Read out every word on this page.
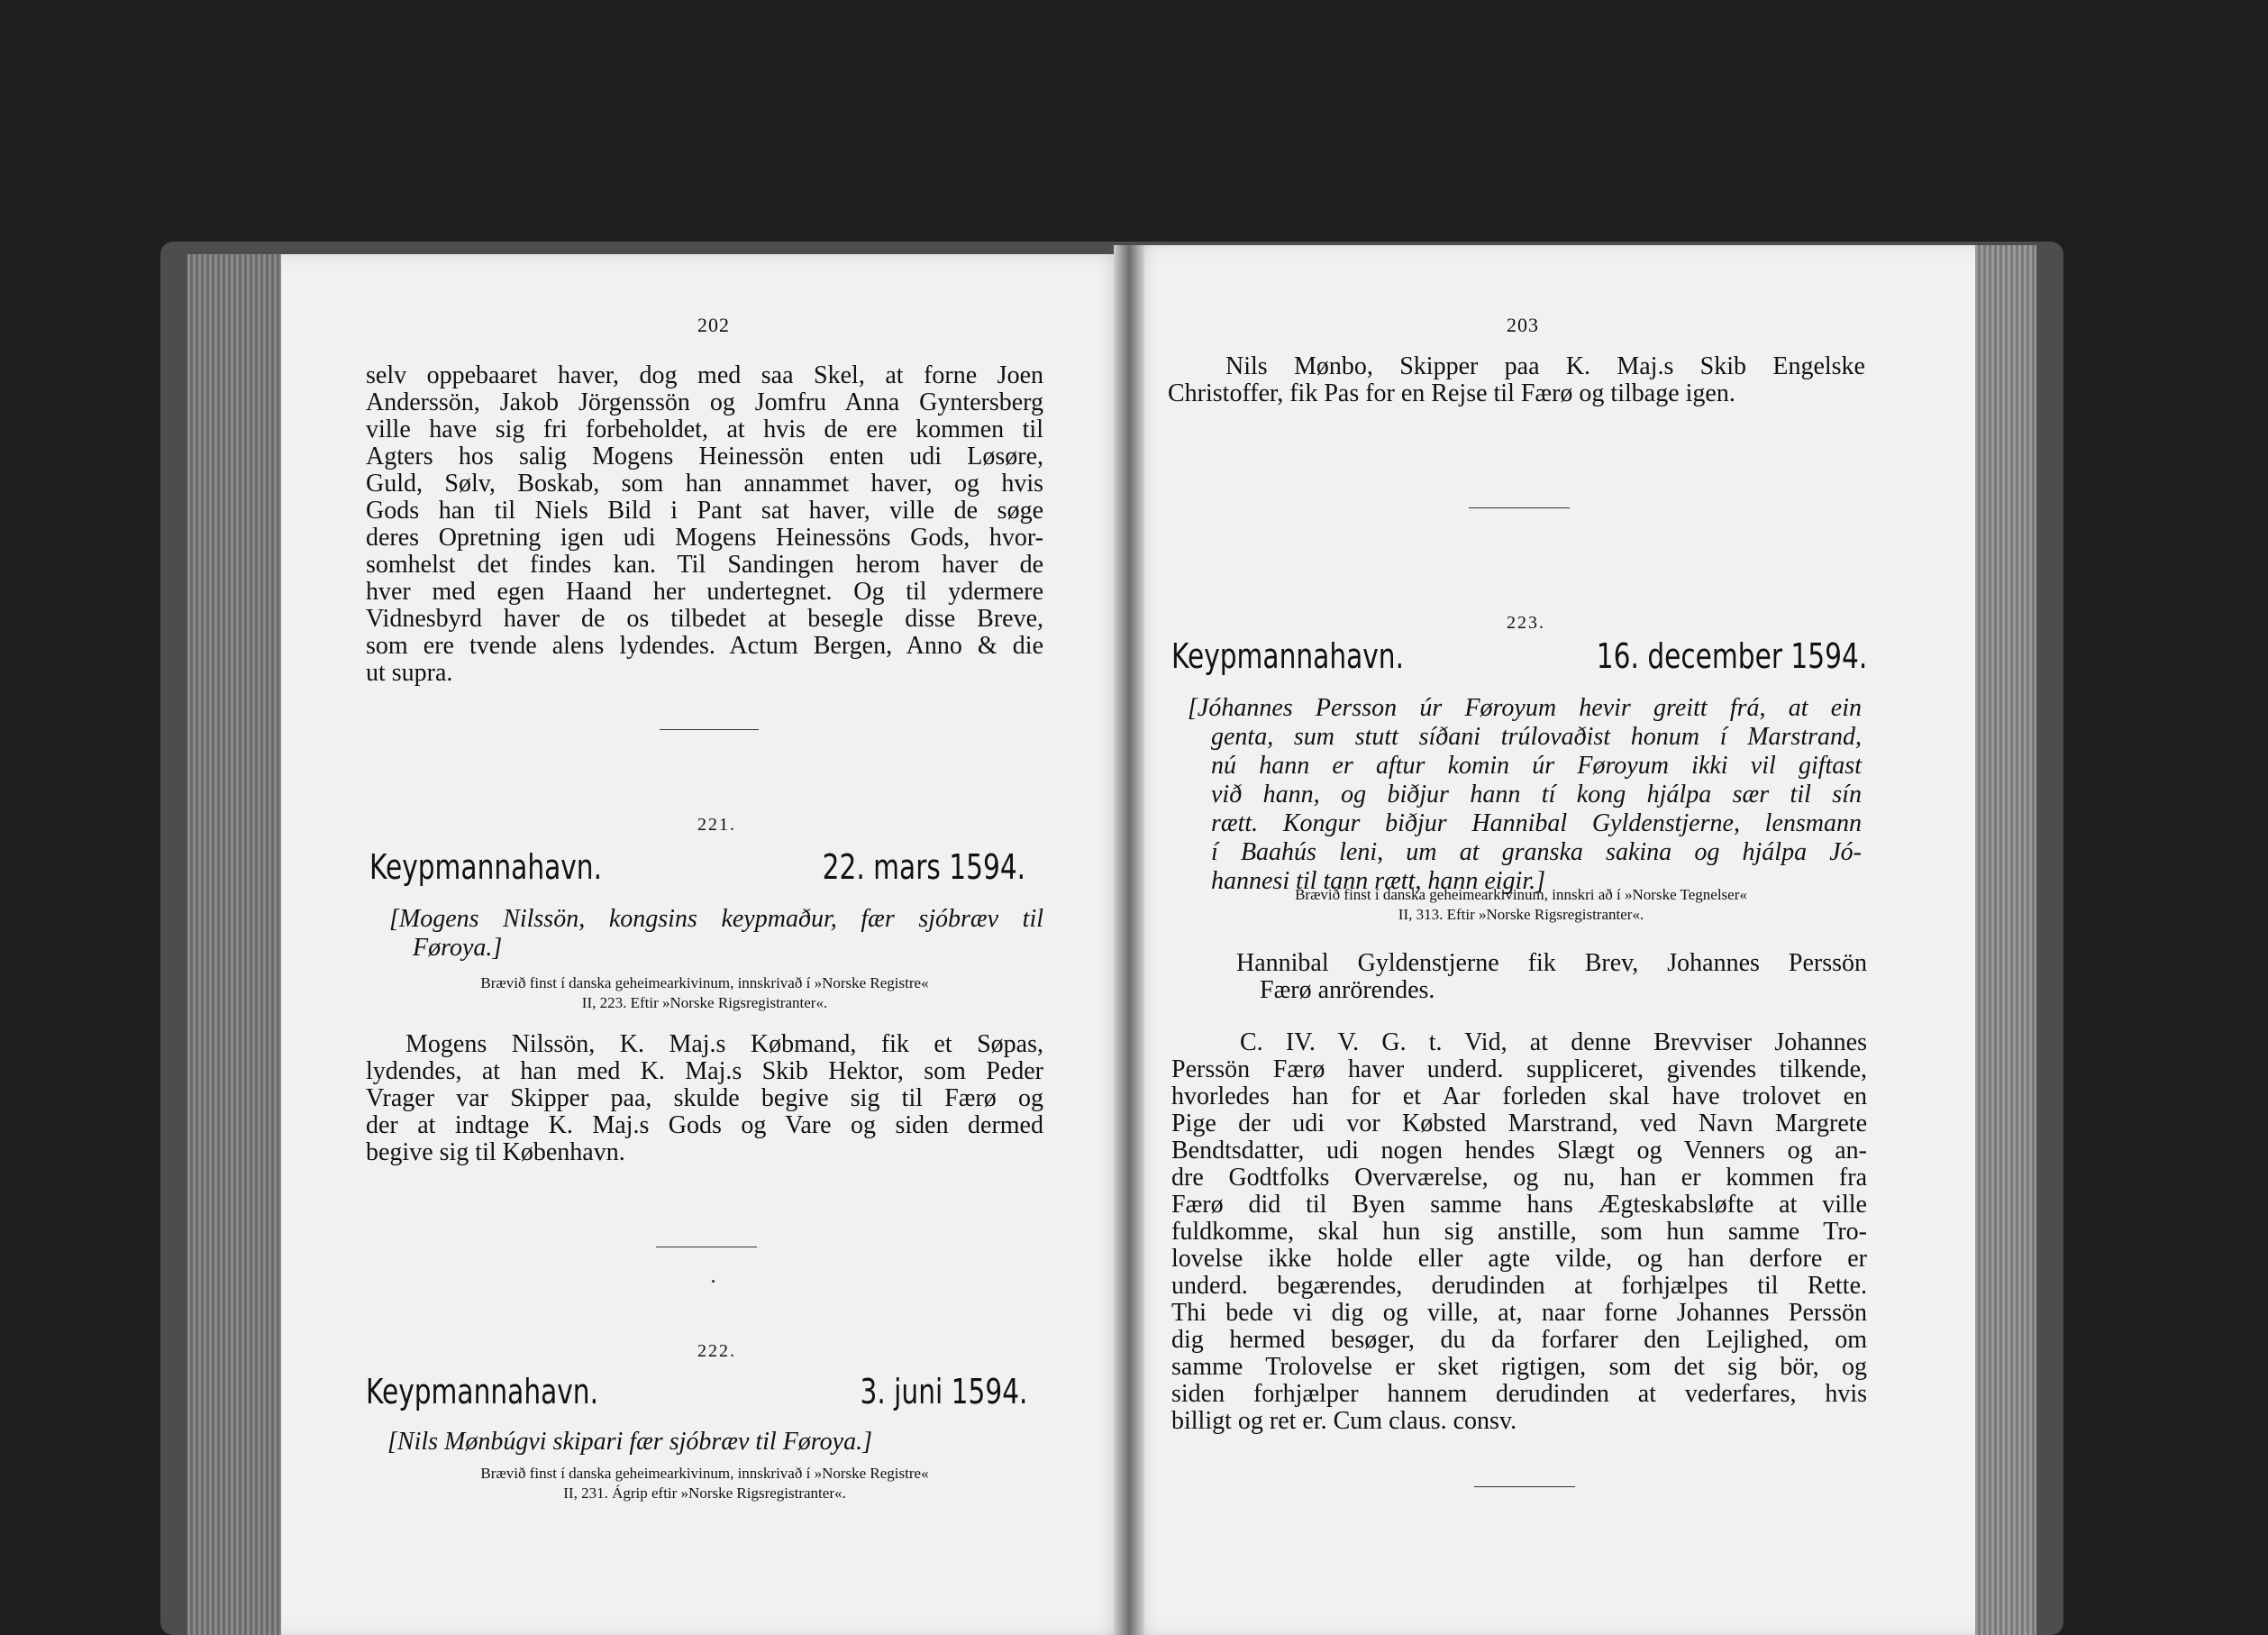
202
selv oppebaaret haver, dog med saa Skel, at forne Joen
Anderssön, Jakob Jörgenssön og Jomfru Anna Gyntersberg
ville have sig fri forbeholdet, at hvis de ere kommen til
Agters hos salig Mogens Heinessön enten udi Løsøre,
Guld, Sølv, Boskab, som han annammet haver, og hvis
Gods han til Niels Bild i Pant sat haver, ville de søge
deres Opretning igen udi Mogens Heinessöns Gods, hvor-
somhelst det findes kan. Til Sandingen herom haver de
hver med egen Haand her undertegnet. Og til ydermere
Vidnesbyrd haver de os tilbedet at besegle disse Breve,
som ere tvende alens lydendes. Actum Bergen, Anno & die
ut supra.
221.
Keypmannahavn.	22. mars 1594.
[Mogens Nilssön, kongsins keypmaður, fær sjóbræv til
Føroya.]
Brævið finst í danska geheimearkivinum, innskrivað í »Norske Registre«
II, 223. Eftir »Norske Rigsregistranter«.
Mogens Nilssön, K. Maj.s Købmand, fik et Søpas,
lydendes, at han med K. Maj.s Skib Hektor, som Peder
Vrager var Skipper paa, skulde begive sig til Færø og
der at indtage K. Maj.s Gods og Vare og siden dermed
begive sig til København.
222.
Keypmannahavn.	3. juni 1594.
[Nils Mønbúgvi skipari fær sjóbræv til Føroya.]
Brævið finst í danska geheimearkivinum, innskrivað í »Norske Registre«
II, 231. Ágrip eftir »Norske Rigsregistranter«.
203
Nils Mønbo, Skipper paa K. Maj.s Skib Engelske
Christoffer, fik Pas for en Rejse til Færø og tilbage igen.
223.
Keypmannahavn.	16. december 1594.
[Jóhannes Persson úr Føroyum hevir greitt frá, at ein
genta, sum stutt síðani trúlovaðist honum í Marstrand,
nú hann er aftur komin úr Føroyum ikki vil giftast
við hann, og biðjur hann tí kong hjálpa sær til sín
rætt. Kongur biðjur Hannibal Gyldenstjerne, lensmann
í Baahús leni, um at granska sakina og hjálpa Jó-
hannesi til tann rætt, hann eigir.]
Brævið finst í danska geheimearkivinum, innskri að í »Norske Tegnelser«
II, 313. Eftir »Norske Rigsregistranter«.
Hannibal Gyldenstjerne fik Brev, Johannes Perssön
Færø anrörendes.
C. IV. V. G. t. Vid, at denne Brevviser Johannes
Perssön Færø haver underd. suppliceret, givendes tilkende,
hvorledes han for et Aar forleden skal have trolovet en
Pige der udi vor Købsted Marstrand, ved Navn Margrete
Bendtsdatter, udi nogen hendes Slægt og Venners og an-
dre Godtfolks Overværelse, og nu, han er kommen fra
Færø did til Byen samme hans Ægteskabsløfte at ville
fuldkomme, skal hun sig anstille, som hun samme Tro-
lovelse ikke holde eller agte vilde, og han derfore er
underd. begærendes, derudinden at forhjælpes til Rette.
Thi bede vi dig og ville, at, naar forne Johannes Perssön
dig hermed besøger, du da forfarer den Lejlighed, om
samme Trolovelse er sket rigtigen, som det sig bör, og
siden forhjælper hannem derudinden at vederfares, hvis
billigt og ret er. Cum claus. consv.
